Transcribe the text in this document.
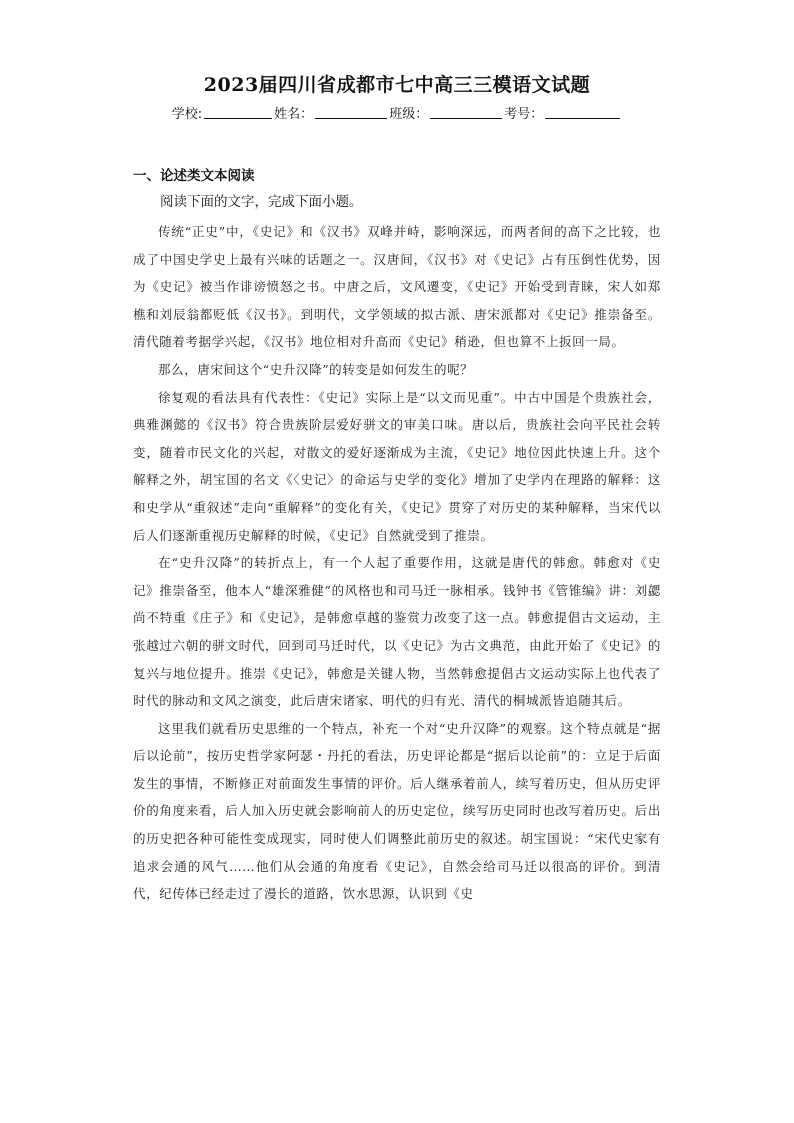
2023届四川省成都市七中高三三模语文试题
学校:	姓名：	班级：	考号：
一、论述类文本阅读
阅读下面的文字，完成下面小题。

传统“正史”中，《史记》和《汉书》双峰并峙，影响深远，而两者间的高下之比较，也成了中国史学史上最有兴味的话题之一。汉唐间，《汉书》对《史记》占有压倒性优势，因为《史记》被当作诽谤愤怒之书。中唐之后，文风遷变，《史记》开始受到青睐，宋人如郑樵和刘辰翁都贬低《汉书》。到明代，文学领域的拟古派、唐宋派都对《史记》推崇备至。清代随着考据学兴起，《汉书》地位相对升高而《史记》稍逊，但也算不上扳回一局。

那么，唐宋间这个“史升汉降”的转变是如何发生的呢？

徐复观的看法具有代表性：《史记》实际上是“以文而见重”。中古中国是个贵族社会，典雅渊懿的《汉书》符合贵族阶层爱好骈文的审美口味。唐以后，贵族社会向平民社会转变，随着市民文化的兴起，对散文的爱好逐渐成为主流，《史记》地位因此快速上升。这个解释之外，胡宝国的名文《〈史记〉的命运与史学的变化》增加了史学内在理路的解释：这和史学从“重叙述”走向“重解释”的变化有关，《史记》贯穿了对历史的某种解释，当宋代以后人们逐渐重视历史解释的时候，《史记》自然就受到了推崇。

在“史升汉降”的转折点上，有一个人起了重要作用，这就是唐代的韩愈。韩愈对《史记》推崇备至，他本人“雄深雅健”的风格也和司马迁一脉相承。钱钟书《管锥编》讲：刘勰尚不特重《庄子》和《史记》，是韩愈卓越的鉴赏力改变了这一点。韩愈提倡古文运动，主张越过六朝的骈文时代，回到司马迁时代，以《史记》为古文典范，由此开始了《史记》的复兴与地位提升。推崇《史记》，韩愈是关键人物，当然韩愈提倡古文运动实际上也代表了时代的脉动和文风之演变，此后唐宋诸家、明代的归有光、清代的桐城派皆追随其后。

这里我们就看历史思维的一个特点，补充一个对“史升汉降”的观察。这个特点就是“据后以论前”，按历史哲学家阿瑟・丹托的看法，历史评论都是“据后以论前”的：立足于后面发生的事情，不断修正对前面发生事情的评价。后人继承着前人，续写着历史，但从历史评价的角度来看，后人加入历史就会影响前人的历史定位，续写历史同时也改写着历史。后出的历史把各种可能性变成现实，同时使人们调整此前历史的叙述。胡宝国说：“宋代史家有追求会通的风气……他们从会通的角度看《史记》，自然会给司马迁以很高的评价。到清代，纪传体已经走过了漫长的道路，饮水思源，认识到《史
